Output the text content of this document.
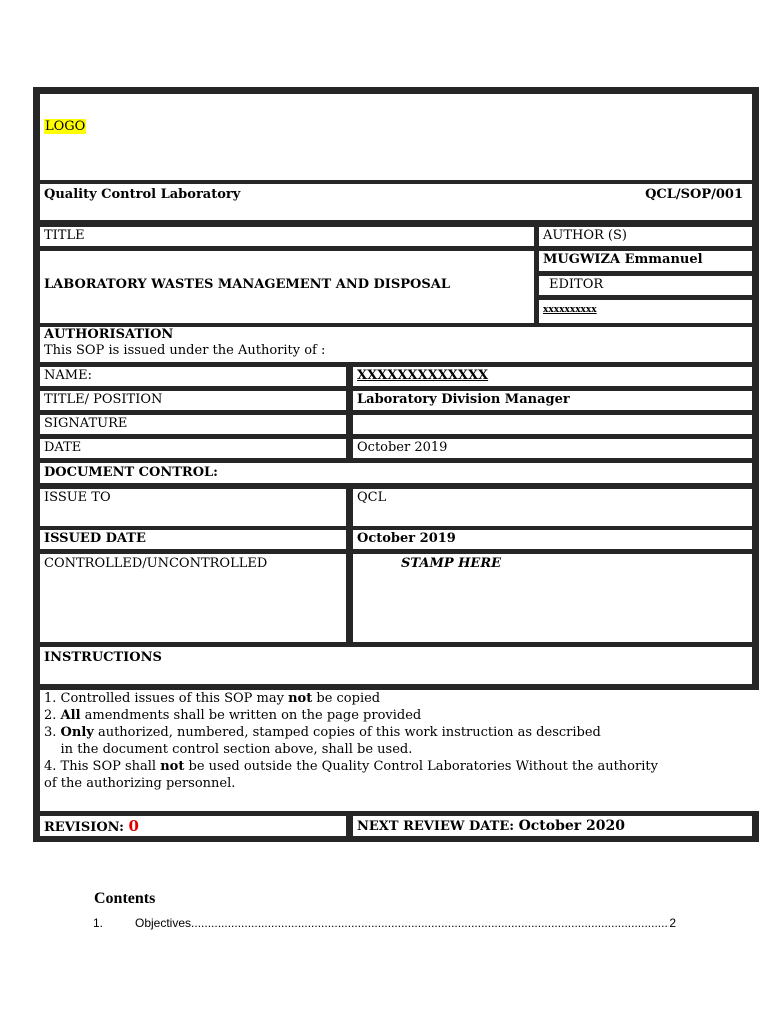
LOGO
Quality Control Laboratory	QCL/SOP/001
TITLE	AUTHOR (S)
LABORATORY WASTES MANAGEMENT AND DISPOSAL
MUGWIZA Emmanuel
EDITOR
xxxxxxxxxx
AUTHORISATION
This SOP is issued under the Authority of :
NAME:	XXXXXXXXXXXXX
TITLE/ POSITION	Laboratory Division Manager
SIGNATURE
DATE	October 2019
DOCUMENT CONTROL:
ISSUE TO	QCL
ISSUED DATE	October 2019
CONTROLLED/UNCONTROLLED	STAMP HERE
INSTRUCTIONS
1. Controlled issues of this SOP may not be copied
2. All amendments shall be written on the page provided
3. Only authorized, numbered, stamped copies of this work instruction as described
in the document control section above, shall be used.
4. This SOP shall not be used outside the Quality Control Laboratories Without the authority
of the authorizing personnel.
REVISION: 0	NEXT REVIEW DATE: October 2020
Contents
1.	Objectives
.....	2
